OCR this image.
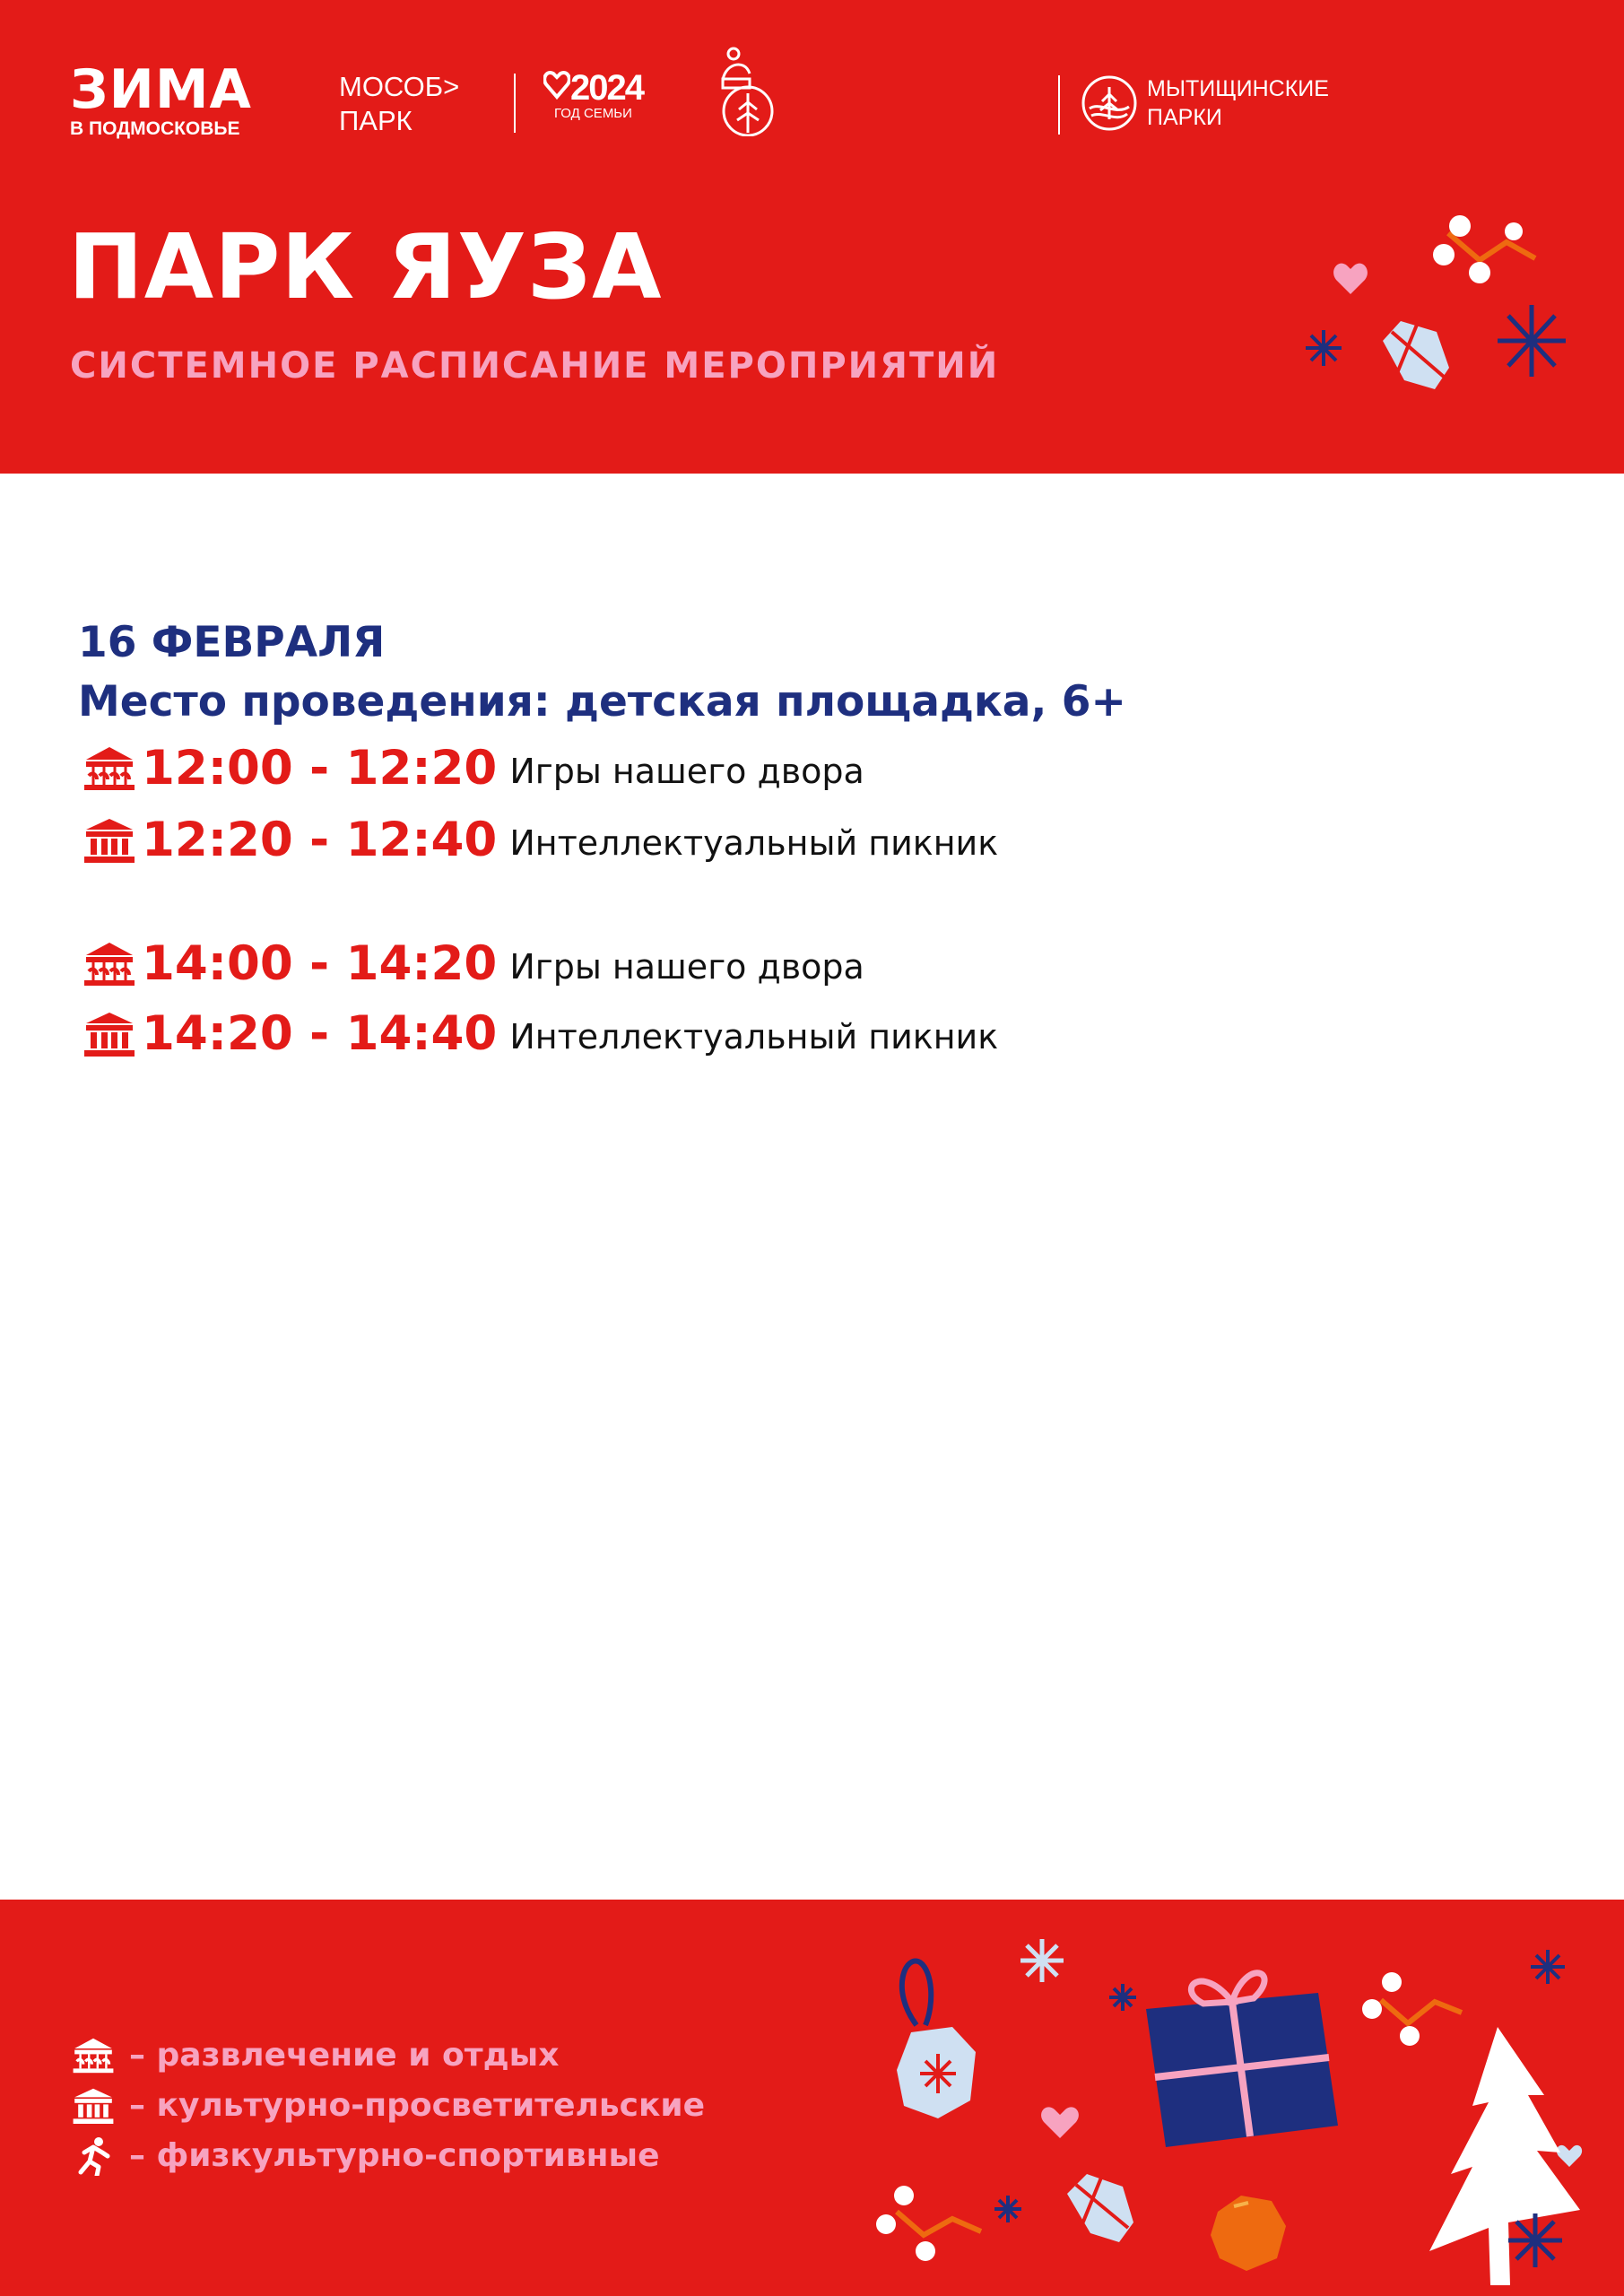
ЗИМА
В ПОДМОСКОВЬЕ
МОСОБ>
ПАРК
2024
ГОД СЕМЬИ
МЫТИЩИНСКИЕ
ПАРКИ
ПАРК ЯУЗА
СИСТЕМНОЕ РАСПИСАНИЕ МЕРОПРИЯТИЙ
16 ФЕВРАЛЯ
Место проведения: детская площадка, 6+
12:00 - 12:20 Игры нашего двора
12:20 - 12:40 Интеллектуальный пикник
14:00 - 14:20 Игры нашего двора
14:20 - 14:40 Интеллектуальный пикник
– развлечение и отдых
– культурно-просветительские
– физкультурно-спортивные
